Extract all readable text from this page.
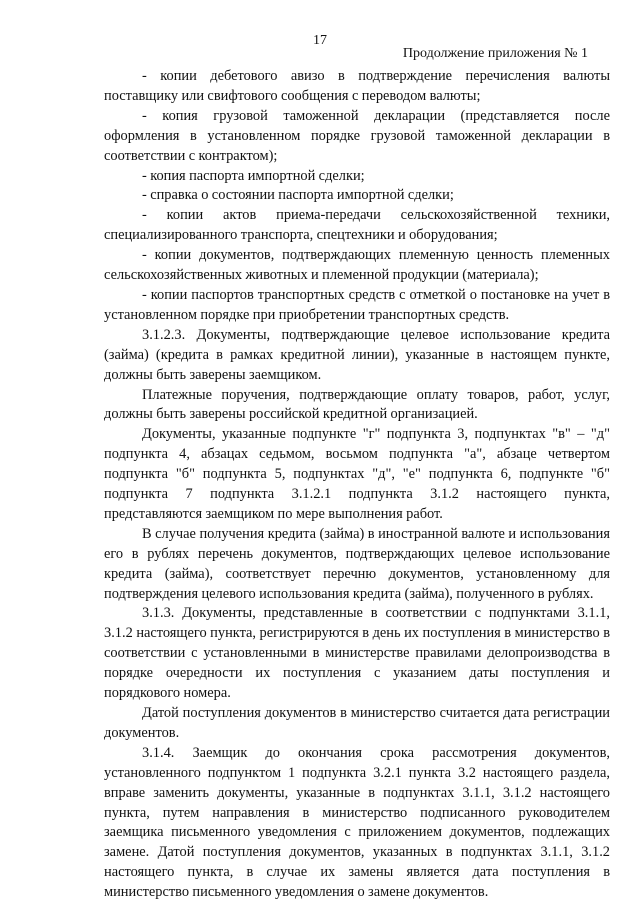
17
Продолжение приложения № 1

- копии дебетового авизо в подтверждение перечисления валюты поставщику или свифтового сообщения с переводом валюты;

- копия грузовой таможенной декларации (представляется после оформления в установленном порядке грузовой таможенной декларации в соответствии с контрактом);

- копия паспорта импортной сделки;

- справка о состоянии паспорта импортной сделки;

- копии актов приема-передачи сельскохозяйственной техники, специализированного транспорта, спецтехники и оборудования;

- копии документов, подтверждающих племенную ценность племенных сельскохозяйственных животных и племенной продукции (материала);

- копии паспортов транспортных средств с отметкой о постановке на учет в установленном порядке при приобретении транспортных средств.

3.1.2.3. Документы, подтверждающие целевое использование кредита (займа) (кредита в рамках кредитной линии), указанные в настоящем пункте, должны быть заверены заемщиком.

Платежные поручения, подтверждающие оплату товаров, работ, услуг, должны быть заверены российской кредитной организацией.

Документы, указанные подпункте "г" подпункта 3, подпунктах "в" – "д" подпункта 4, абзацах седьмом, восьмом подпункта "а", абзаце четвертом подпункта "б" подпункта 5, подпунктах "д", "е" подпункта 6, подпункте "б" подпункта 7 подпункта 3.1.2.1 подпункта 3.1.2 настоящего пункта, представляются заемщиком по мере выполнения работ.

В случае получения кредита (займа) в иностранной валюте и использования его в рублях перечень документов, подтверждающих целевое использование кредита (займа), соответствует перечню документов, установленному для подтверждения целевого использования кредита (займа), полученного в рублях.

3.1.3. Документы, представленные в соответствии с подпунктами 3.1.1, 3.1.2 настоящего пункта, регистрируются в день их поступления в министерство в соответствии с установленными в министерстве правилами делопроизводства в порядке очередности их поступления с указанием даты поступления и порядкового номера.

Датой поступления документов в министерство считается дата регистрации документов.

3.1.4. Заемщик до окончания срока рассмотрения документов, установленного подпунктом 1 подпункта 3.2.1 пункта 3.2 настоящего раздела, вправе заменить документы, указанные в подпунктах 3.1.1, 3.1.2 настоящего пункта, путем направления в министерство подписанного руководителем заемщика письменного уведомления с приложением документов, подлежащих замене. Датой поступления документов, указанных в подпунктах 3.1.1, 3.1.2 настоящего пункта, в случае их замены является дата поступления в министерство письменного уведомления о замене документов.
